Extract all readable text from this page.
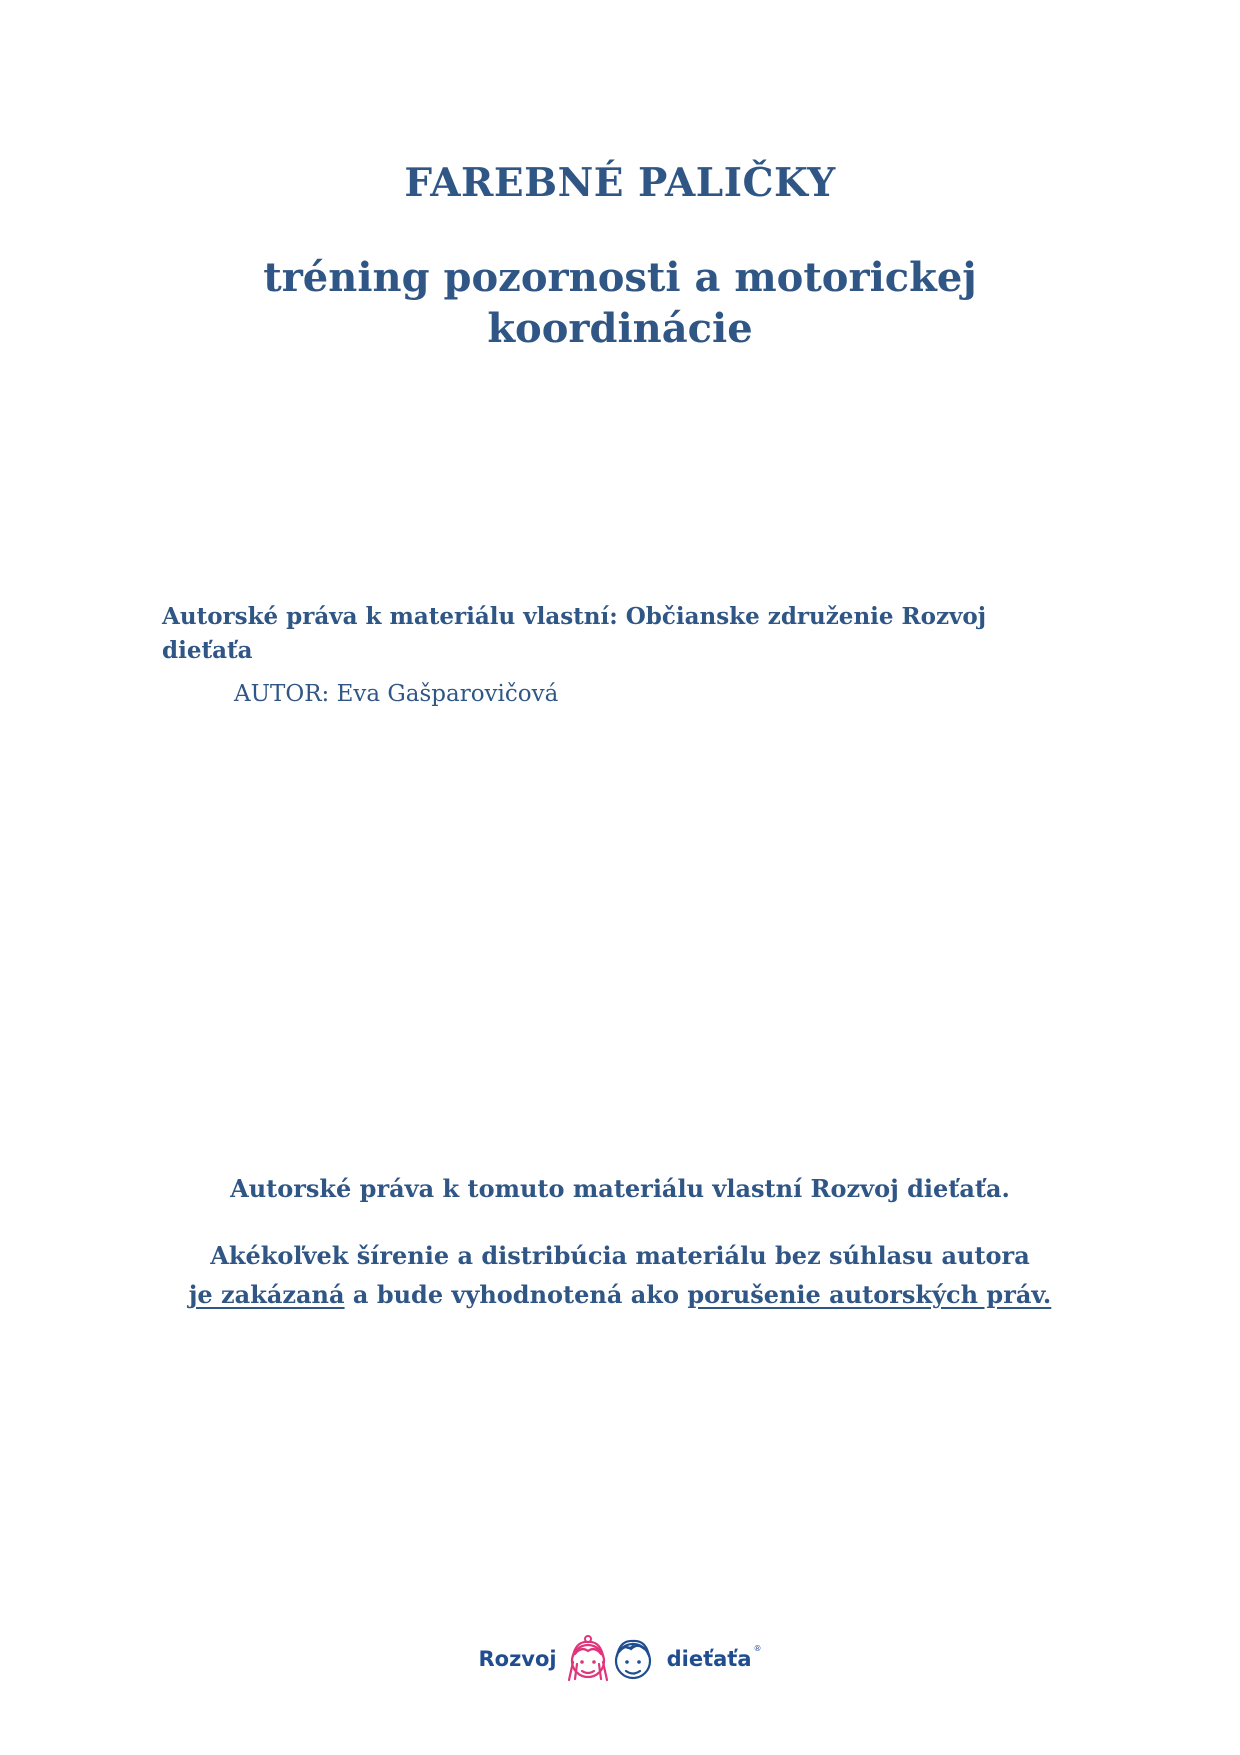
FAREBNÉ PALIČKY
tréning pozornosti a motorickej
koordinácie
Autorské práva k materiálu vlastní: Občianske združenie Rozvoj
dieťaťa
AUTOR: Eva Gašparovičová
Autorské práva k tomuto materiálu vlastní Rozvoj dieťaťa.
Akékoľvek šírenie a distribúcia materiálu bez súhlasu autora
je zakázaná a bude vyhodnotená ako porušenie autorských práv.
Rozvoj	dieťaťa ®
